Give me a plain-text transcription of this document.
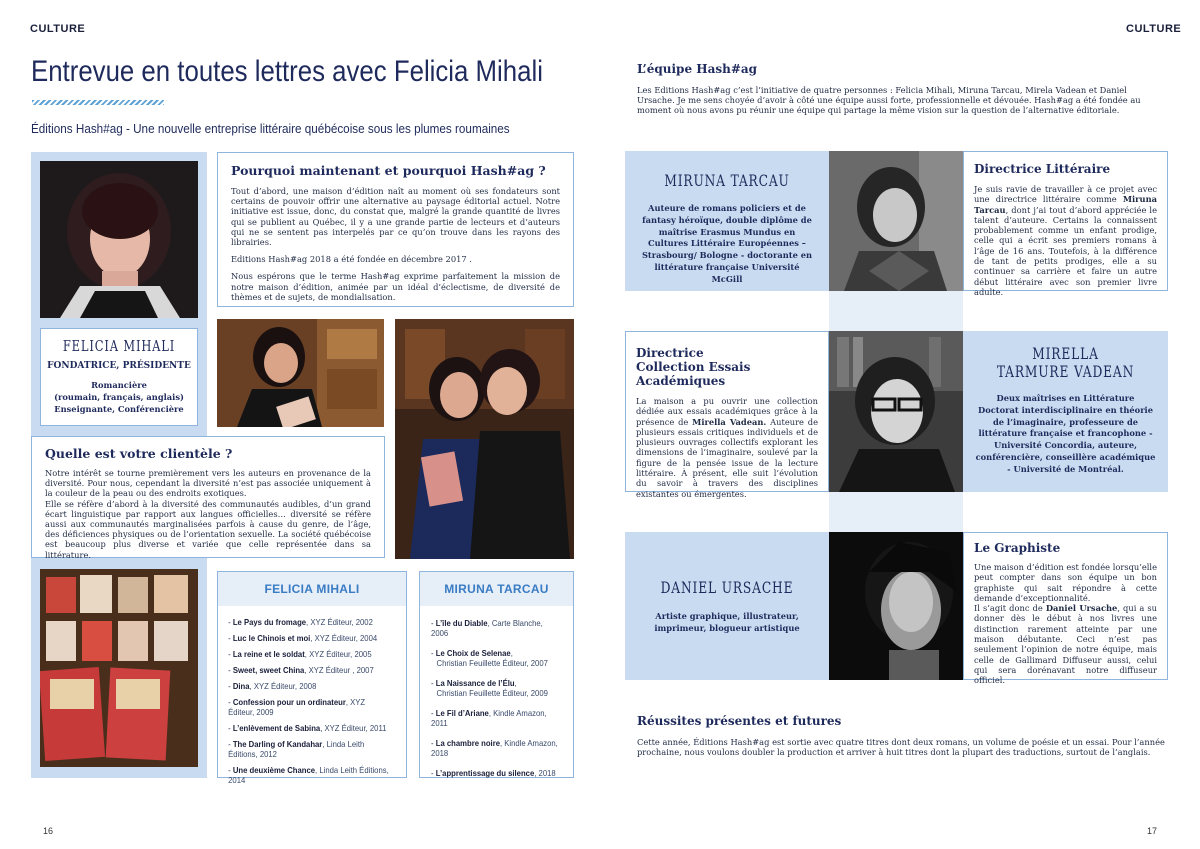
CULTURE
Entrevue en toutes lettres avec Felicia Mihali
Éditions Hash#ag - Une nouvelle entreprise littéraire québécoise sous les plumes roumaines
FELICIA MIHALI
FONDATRICE, PRÉSIDENTE
Romancière
(roumain, français, anglais)
Enseignante, Conférencière
Pourquoi maintenant et pourquoi Hash#ag ?
Tout d’abord, une maison d’édition naît au moment où ses fondateurs sont certains de pouvoir offrir une alternative au paysage éditorial actuel. Notre initiative est issue, donc, du constat que, malgré la grande quantité de livres qui se publient au Québec, il y a une grande partie de lecteurs et d’auteurs qui ne se sentent pas interpelés par ce qu’on trouve dans les rayons des librairies.
Editions Hash#ag 2018 a été fondée en décembre 2017 .
Nous espérons que le terme Hash#ag exprime parfaitement la mission de notre maison d’édition, animée par un idéal d’éclectisme, de diversité de thèmes et de sujets, de mondialisation.
Quelle est votre clientèle ?
Notre intérêt se tourne premièrement vers les auteurs en provenance de la diversité. Pour nous, cependant la diversité n’est pas associée uniquement à la couleur de la peau ou des endroits exotiques.
Elle se réfère d’abord à la diversité des communautés audibles, d’un grand écart linguistique par rapport aux langues officielles… diversité se réfère aussi aux communautés marginalisées parfois à cause du genre, de l’âge, des déficiences physiques ou de l’orientation sexuelle. La société québécoise est beaucoup plus diverse et variée que celle représentée dans sa littérature.
FELICIA MIHALI
- Le Pays du fromage, XYZ Éditeur, 2002
- Luc le Chinois et moi, XYZ Éditeur, 2004
- La reine et le soldat, XYZ Éditeur, 2005
- Sweet, sweet China, XYZ Éditeur , 2007
- Dina, XYZ Éditeur, 2008
- Confession pour un ordinateur, XYZ Éditeur, 2009
- L’enlèvement de Sabina, XYZ Éditeur, 2011
- The Darling of Kandahar, Linda Leith Éditions, 2012
- Une deuxième Chance, Linda Leith Éditions, 2014
MIRUNA TARCAU
- L’île du Diable, Carte Blanche, 2006
- Le Choix de Selenae,
Christian Feuillette Éditeur, 2007
- La Naissance de l’Élu,
Christian Feuillette Éditeur, 2009
- Le Fil d’Ariane, Kindle Amazon, 2011
- La chambre noire, Kindle Amazon, 2018
- L’apprentissage du silence, 2018
16
CULTURE
L’équipe Hash#ag
Les Editions Hash#ag c’est l’initiative de quatre personnes : Felicia Mihali, Miruna Tarcau, Mirela Vadean et Daniel Ursache. Je me sens choyée d’avoir à côté une équipe aussi forte, professionnelle et dévouée. Hash#ag a été fondée au moment où nous avons pu réunir une équipe qui partage la même vision sur la question de l’alternative éditoriale.
MIRUNA TARCAU
Auteure de romans policiers et de fantasy héroïque, double diplôme de maîtrise Erasmus Mundus en Cultures Littéraire Européennes – Strasbourg/ Bologne - doctorante en littérature française Université McGill
Directrice Littéraire
Je suis ravie de travailler à ce projet avec une directrice littéraire comme Miruna Tarcau, dont j’ai tout d’abord appréciée le talent d’auteure. Certains la connaissent probablement comme un enfant prodige, celle qui a écrit ses premiers romans à l’âge de 16 ans. Toutefois, à la différence de tant de petits prodiges, elle a su continuer sa carrière et faire un autre début littéraire avec son premier livre adulte.
Directrice
Collection Essais Académiques
La maison a pu ouvrir une collection dédiée aux essais académiques grâce à la présence de Mirella Vadean. Auteure de plusieurs essais critiques individuels et de plusieurs ouvrages collectifs explorant les dimensions de l’imaginaire, soulevé par la figure de la pensée issue de la lecture littéraire. À présent, elle suit l’évolution du savoir à travers des disciplines existantes ou émergentes.
MIRELLA
TARMURE VADEAN
Deux maîtrises en Littérature Doctorat interdisciplinaire en théorie de l’imaginaire, professeure de littérature française et francophone - Université Concordia, auteure, conférencière, conseillère académique - Université de Montréal.
DANIEL URSACHE
Artiste graphique, illustrateur, imprimeur, blogueur artistique
Le Graphiste
Une maison d’édition est fondée lorsqu’elle peut compter dans son équipe un bon graphiste qui sait répondre à cette demande d’exceptionnalité.
Il s’agit donc de Daniel Ursache, qui a su donner dès le début à nos livres une distinction rarement atteinte par une maison débutante. Ceci n’est pas seulement l’opinion de notre équipe, mais celle de Gallimard Diffuseur aussi, celui qui sera dorénavant notre diffuseur officiel.
Réussites présentes et futures
Cette année, Éditions Hash#ag est sortie avec quatre titres dont deux romans, un volume de poésie et un essai. Pour l’année prochaine, nous voulons doubler la production et arriver à huit titres dont la plupart des traductions, surtout de l’anglais.
17
